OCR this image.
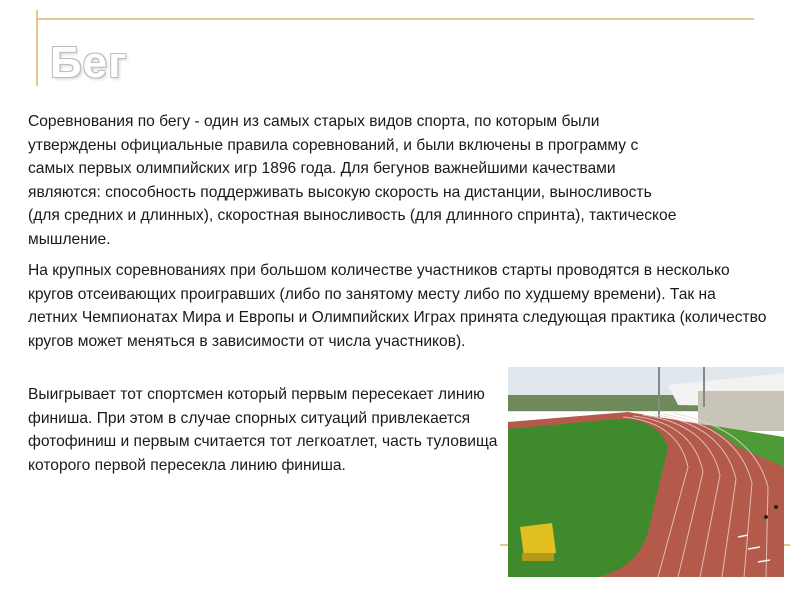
Бег

Соревнования по бегу - один из самых старых видов спорта, по которым были утверждены официальные правила соревнований, и были включены в программу с самых первых олимпийских игр 1896 года. Для бегунов важнейшими качествами являются: способность поддерживать высокую скорость на дистанции, выносливость (для средних и длинных), скоростная выносливость (для длинного спринта), тактическое мышление.

На крупных соревнованиях при большом количестве участников старты проводятся в несколько кругов отсеивающих проигравших (либо по занятому месту либо по худшему времени). Так на летних Чемпионатах Мира и Европы и Олимпийских Играх принята следующая практика (количество кругов может меняться в зависимости от числа участников).

Выигрывает тот спортсмен который первым пересекает линию финиша. При этом в случае спорных ситуаций привлекается фотофиниш и первым считается тот легкоатлет, часть туловища которого первой пересекла линию финиша.
